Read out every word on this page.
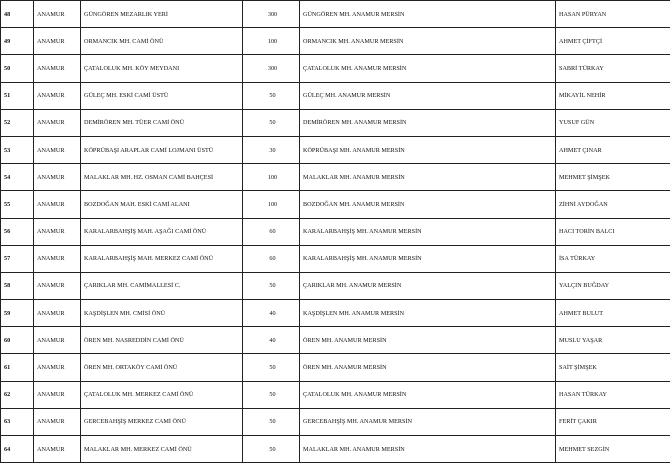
48	ANAMUR	GÜNGÖREN MEZARLIK YERİ	300	GÜNGÖREN MH. ANAMUR MERSİN	HASAN PÜRYAN
49	ANAMUR	ORMANCIK MH. CAMİ ÖNÜ	100	ORMANCIK MH. ANAMUR MERSİN	AHMET ÇİFTÇİ
50	ANAMUR	ÇATALOLUK MH. KÖY MEYDANI	300	ÇATALOLUK MH. ANAMUR MERSİN	SABRİ TÜRKAY
51	ANAMUR	GÜLEÇ MH. ESKİ CAMİ ÜSTÜ	50	GÜLEÇ MH. ANAMUR MERSİN	MİKAYİL NEHİR
52	ANAMUR	DEMİRÖREN MH. TÜER CAMİ ÖNÜ	50	DEMİRÖREN MH. ANAMUR MERSİN	YUSUF GÜN
53	ANAMUR	KÖPRÜBAŞI ARAPLAR CAMİ LOJMANI ÜSTÜ	30	KÖPRÜBAŞI MH. ANAMUR MERSİN	AHMET ÇINAR
54	ANAMUR	MALAKLAR MH. HZ. OSMAN CAMİ BAHÇESİ	100	MALAKLAR MH. ANAMUR MERSİN	MEHMET ŞİMŞEK
55	ANAMUR	BOZDOĞAN MAH. ESKİ CAMİ ALANI	100	BOZDOĞAN MH. ANAMUR MERSİN	ZİHNİ AYDOĞAN
56	ANAMUR	KARALARBAHŞİŞ MAH. AŞAĞI CAMİ ÖNÜ	60	KARALARBAHŞİŞ MH. ANAMUR MERSİN	HACI TORİN BALCI
57	ANAMUR	KARALARBAHŞİŞ MAH. MERKEZ CAMİ ÖNÜ	60	KARALARBAHŞİŞ MH. ANAMUR MERSİN	İSA TÜRKAY
58	ANAMUR	ÇARIKLAR MH. CAMİMALLESİ C.	50	ÇARIKLAR MH. ANAMUR MERSİN	YALÇIN BUĞDAY
59	ANAMUR	KAŞDİŞLEN MH. CMİSİ ÖNÜ	40	KAŞDİŞLEN MH. ANAMUR MERSİN	AHMET BULUT
60	ANAMUR	ÖREN MH. NASREDDİN CAMİ ÖNÜ	40	ÖREN MH. ANAMUR MERSİN	MUSLU YAŞAR
61	ANAMUR	ÖREN MH. ORTAKÖY CAMİ ÖNÜ	50	ÖREN MH. ANAMUR MERSİN	SAİT ŞİMŞEK
62	ANAMUR	ÇATALOLUK MH. MERKEZ CAMİ ÖNÜ	50	ÇATALOLUK MH. ANAMUR MERSİN	HASAN TÜRKAY
63	ANAMUR	GERCEBAHŞİŞ MERKEZ CAMİ ÖNÜ	50	GERCEBAHŞİŞ MH. ANAMUR MERSİN	FERİT ÇAKIR
64	ANAMUR	MALAKLAR MH. MERKEZ CAMİ ÖNÜ	50	MALAKLAR MH. ANAMUR MERSİN	MEHMET SEZGİN
